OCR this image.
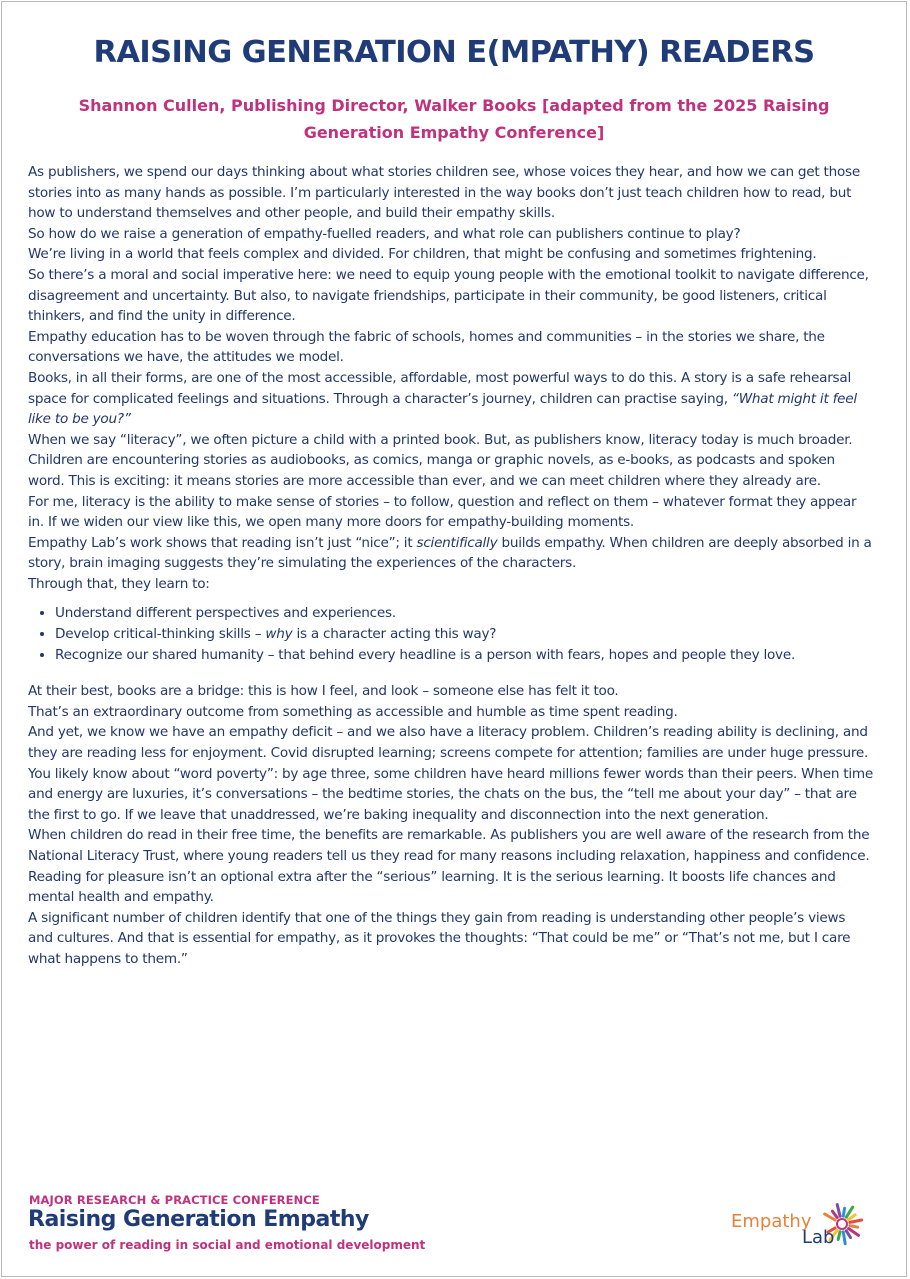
RAISING GENERATION E(MPATHY) READERS
Shannon Cullen, Publishing Director, Walker Books [adapted from the 2025 Raising Generation Empathy Conference]

As publishers, we spend our days thinking about what stories children see, whose voices they hear, and how we can get those stories into as many hands as possible. I’m particularly interested in the way books don’t just teach children how to read, but how to understand themselves and other people, and build their empathy skills.

So how do we raise a generation of empathy-fuelled readers, and what role can publishers continue to play?

We’re living in a world that feels complex and divided. For children, that might be confusing and sometimes frightening.

So there’s a moral and social imperative here: we need to equip young people with the emotional toolkit to navigate difference, disagreement and uncertainty. But also, to navigate friendships, participate in their community, be good listeners, critical thinkers, and find the unity in difference.

Empathy education has to be woven through the fabric of schools, homes and communities – in the stories we share, the conversations we have, the attitudes we model.

Books, in all their forms, are one of the most accessible, affordable, most powerful ways to do this. A story is a safe rehearsal space for complicated feelings and situations. Through a character’s journey, children can practise saying, “What might it feel like to be you?”

When we say “literacy”, we often picture a child with a printed book. But, as publishers know, literacy today is much broader.

Children are encountering stories as audiobooks, as comics, manga or graphic novels, as e-books, as podcasts and spoken word. This is exciting: it means stories are more accessible than ever, and we can meet children where they already are.

For me, literacy is the ability to make sense of stories – to follow, question and reflect on them – whatever format they appear in. If we widen our view like this, we open many more doors for empathy-building moments.

Empathy Lab’s work shows that reading isn’t just “nice”; it scientifically builds empathy. When children are deeply absorbed in a story, brain imaging suggests they’re simulating the experiences of the characters.

Through that, they learn to:

• Understand different perspectives and experiences.
• Develop critical-thinking skills – why is a character acting this way?
• Recognize our shared humanity – that behind every headline is a person with fears, hopes and people they love.

At their best, books are a bridge: this is how I feel, and look – someone else has felt it too.

That’s an extraordinary outcome from something as accessible and humble as time spent reading.

And yet, we know we have an empathy deficit – and we also have a literacy problem. Children’s reading ability is declining, and they are reading less for enjoyment. Covid disrupted learning; screens compete for attention; families are under huge pressure.

You likely know about “word poverty”: by age three, some children have heard millions fewer words than their peers. When time and energy are luxuries, it’s conversations – the bedtime stories, the chats on the bus, the “tell me about your day” – that are the first to go. If we leave that unaddressed, we’re baking inequality and disconnection into the next generation.

When children do read in their free time, the benefits are remarkable. As publishers you are well aware of the research from the National Literacy Trust, where young readers tell us they read for many reasons including relaxation, happiness and confidence.

Reading for pleasure isn’t an optional extra after the “serious” learning. It is the serious learning. It boosts life chances and mental health and empathy.

A significant number of children identify that one of the things they gain from reading is understanding other people’s views and cultures. And that is essential for empathy, as it provokes the thoughts: “That could be me” or “That’s not me, but I care what happens to them.”

MAJOR RESEARCH & PRACTICE CONFERENCE
Raising Generation Empathy
the power of reading in social and emotional development
Empathy
Lab
